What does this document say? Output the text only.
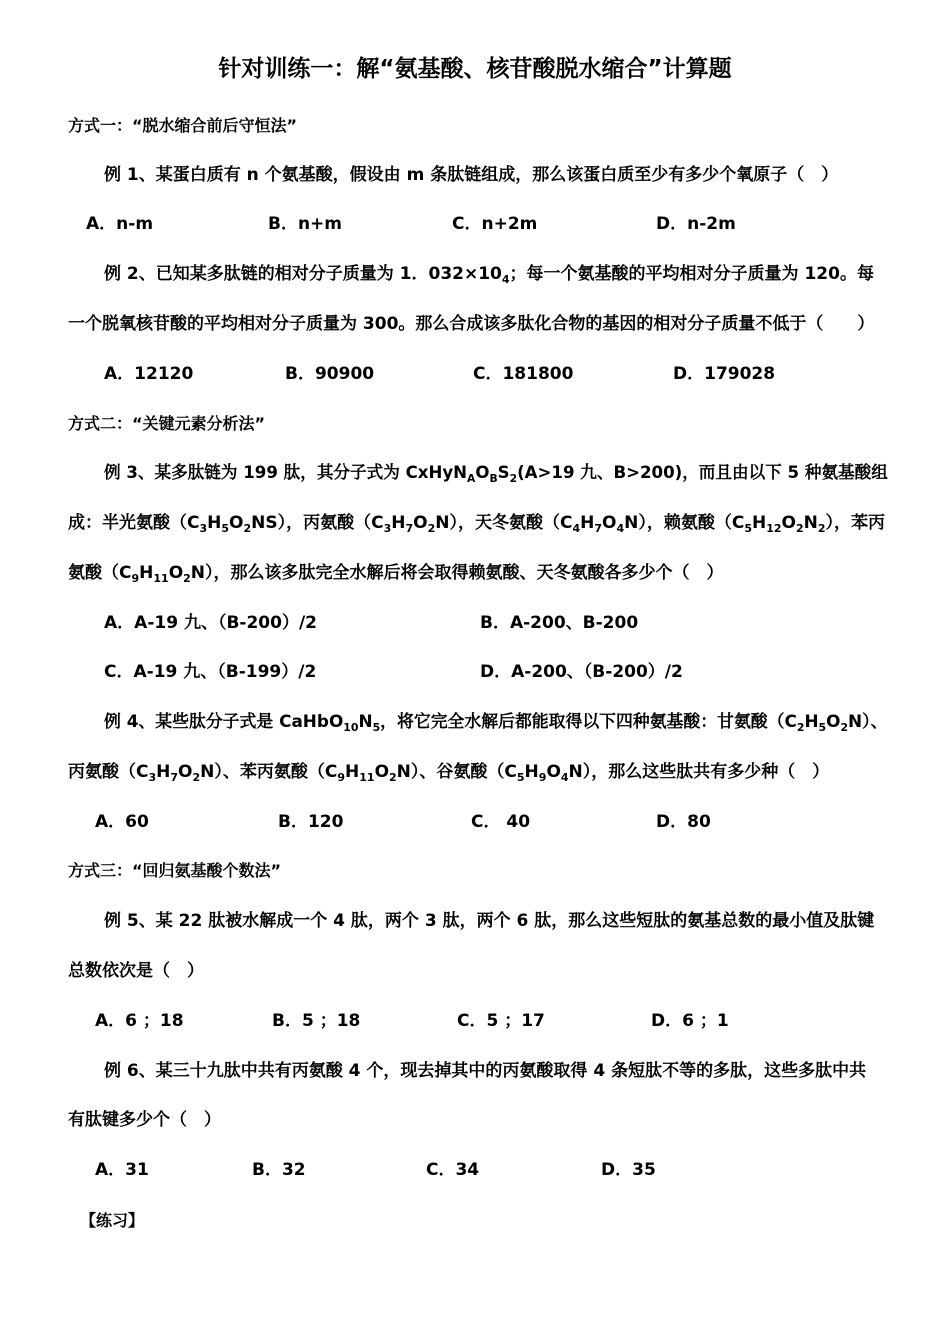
针对训练一：解“氨基酸、核苷酸脱水缩合”计算题
方式一：“脱水缩合前后守恒法”
例 1、某蛋白质有 n 个氨基酸，假设由 m 条肽链组成，那么该蛋白质至少有多少个氧原子（　）
A．n-m	B．n+m	C．n+2m	D．n-2m
例 2、已知某多肽链的相对分子质量为 1．$032\times 10_4$；每一个氨基酸的平均相对分子质量为 120。每
一个脱氧核苷酸的平均相对分子质量为 300。那么合成该多肽化合物的基因的相对分子质量不低于（　　）
A．12120	B．90900	C．181800	D．179028
方式二：“关键元素分析法”
例 3、某多肽链为 199 肽，其分子式为 $CxHyN_AO_BS_2(A>19$ 九、B>200)，而且由以下 5 种氨基酸组
成：半光氨酸$(C_3H_5O_2NS)$，丙氨酸$(C_3H_7O_2N)$，天冬氨酸$(C_4H_7O_4N)$，赖氨酸$(C_5H_{12}O_2N_2)$，苯丙
氨酸$(C_9H_{11}O_2N)$，那么该多肽完全水解后将会取得赖氨酸、天冬氨酸各多少个（　）
A．A-19 九、（B-200）/2	B．A-200、B-200
C．A-19 九、（B-199）/2	D．A-200、（B-200）/2
例 4、某些肽分子式是 $CaHbO_{10}N_5$，将它完全水解后都能取得以下四种氨基酸：甘氨酸$(C_2H_5O_2N)$、
丙氨酸$(C_3H_7O_2N)$、苯丙氨酸$(C_9H_{11}O_2N)$、谷氨酸$(C_5H_9O_4N)$，那么这些肽共有多少种（　）
A．60	B．120	C． 40	D．80
方式三：“回归氨基酸个数法”
例 5、某 22 肽被水解成一个 4 肽，两个 3 肽，两个 6 肽，那么这些短肽的氨基总数的最小值及肽键
总数依次是（　）
A．6 ；18	B．5 ；18	C．5 ；17	D．6 ；1
例 6、某三十九肽中共有丙氨酸 4 个，现去掉其中的丙氨酸取得 4 条短肽不等的多肽，这些多肽中共
有肽键多少个（　）
A．31	B．32	C．34	D．35
【练习】
